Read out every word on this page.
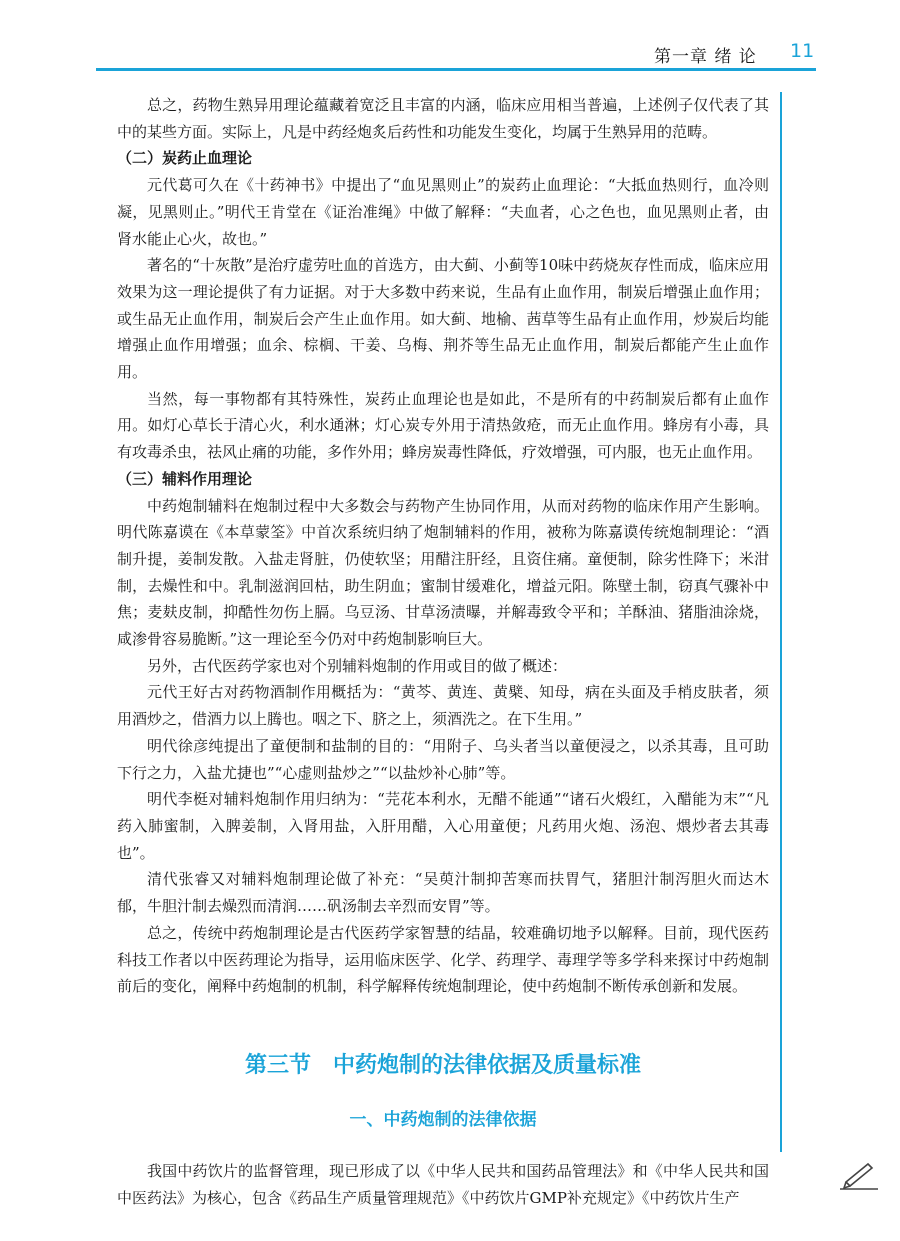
第一章 绪 论 11

总之，药物生熟异用理论蕴藏着宽泛且丰富的内涵，临床应用相当普遍，上述例子仅代表了其中的某些方面。实际上，凡是中药经炮炙后药性和功能发生变化，均属于生熟异用的范畴。

（二）炭药止血理论

元代葛可久在《十药神书》中提出了“血见黑则止”的炭药止血理论：“大抵血热则行，血冷则凝，见黑则止。”明代王肯堂在《证治准绳》中做了解释：“夫血者，心之色也，血见黑则止者，由肾水能止心火，故也。”

著名的“十灰散”是治疗虚劳吐血的首选方，由大蓟、小蓟等10味中药烧灰存性而成，临床应用效果为这一理论提供了有力证据。对于大多数中药来说，生品有止血作用，制炭后增强止血作用；或生品无止血作用，制炭后会产生止血作用。如大蓟、地榆、茜草等生品有止血作用，炒炭后均能增强止血作用增强；血余、棕榈、干姜、乌梅、荆芥等生品无止血作用，制炭后都能产生止血作用。

当然，每一事物都有其特殊性，炭药止血理论也是如此，不是所有的中药制炭后都有止血作用。如灯心草长于清心火，利水通淋；灯心炭专外用于清热敛疮，而无止血作用。蜂房有小毒，具有攻毒杀虫，祛风止痛的功能，多作外用；蜂房炭毒性降低，疗效增强，可内服，也无止血作用。

（三）辅料作用理论

中药炮制辅料在炮制过程中大多数会与药物产生协同作用，从而对药物的临床作用产生影响。明代陈嘉谟在《本草蒙筌》中首次系统归纳了炮制辅料的作用，被称为陈嘉谟传统炮制理论：“酒制升提，姜制发散。入盐走肾脏，仍使软坚；用醋注肝经，且资住痛。童便制，除劣性降下；米泔制，去燥性和中。乳制滋润回枯，助生阴血；蜜制甘缓难化，增益元阳。陈壁土制，窃真气骤补中焦；麦麸皮制，抑酷性勿伤上膈。乌豆汤、甘草汤渍曝，并解毒致令平和；羊酥油、猪脂油涂烧，咸渗骨容易脆断。”这一理论至今仍对中药炮制影响巨大。

另外，古代医药学家也对个别辅料炮制的作用或目的做了概述：

元代王好古对药物酒制作用概括为：“黄芩、黄连、黄檗、知母，病在头面及手梢皮肤者，须用酒炒之，借酒力以上腾也。咽之下、脐之上，须酒洗之。在下生用。”

明代徐彦纯提出了童便制和盐制的目的：“用附子、乌头者当以童便浸之，以杀其毒，且可助下行之力，入盐尤捷也”“心虚则盐炒之”“以盐炒补心肺”等。

明代李梃对辅料炮制作用归纳为：“芫花本利水，无醋不能通”“诸石火煅红，入醋能为末”“凡药入肺蜜制，入脾姜制，入肾用盐，入肝用醋，入心用童便；凡药用火炮、汤泡、煨炒者去其毒也”。

清代张睿又对辅料炮制理论做了补充：“吴萸汁制抑苦寒而扶胃气，猪胆汁制泻胆火而达木郁，牛胆汁制去燥烈而清润……矾汤制去辛烈而安胃”等。

总之，传统中药炮制理论是古代医药学家智慧的结晶，较难确切地予以解释。目前，现代医药科技工作者以中医药理论为指导，运用临床医学、化学、药理学、毒理学等多学科来探讨中药炮制前后的变化，阐释中药炮制的机制，科学解释传统炮制理论，使中药炮制不断传承创新和发展。

第三节　中药炮制的法律依据及质量标准
一、中药炮制的法律依据

我国中药饮片的监督管理，现已形成了以《中华人民共和国药品管理法》和《中华人民共和国中医药法》为核心，包含《药品生产质量管理规范》《中药饮片GMP补充规定》《中药饮片生产
